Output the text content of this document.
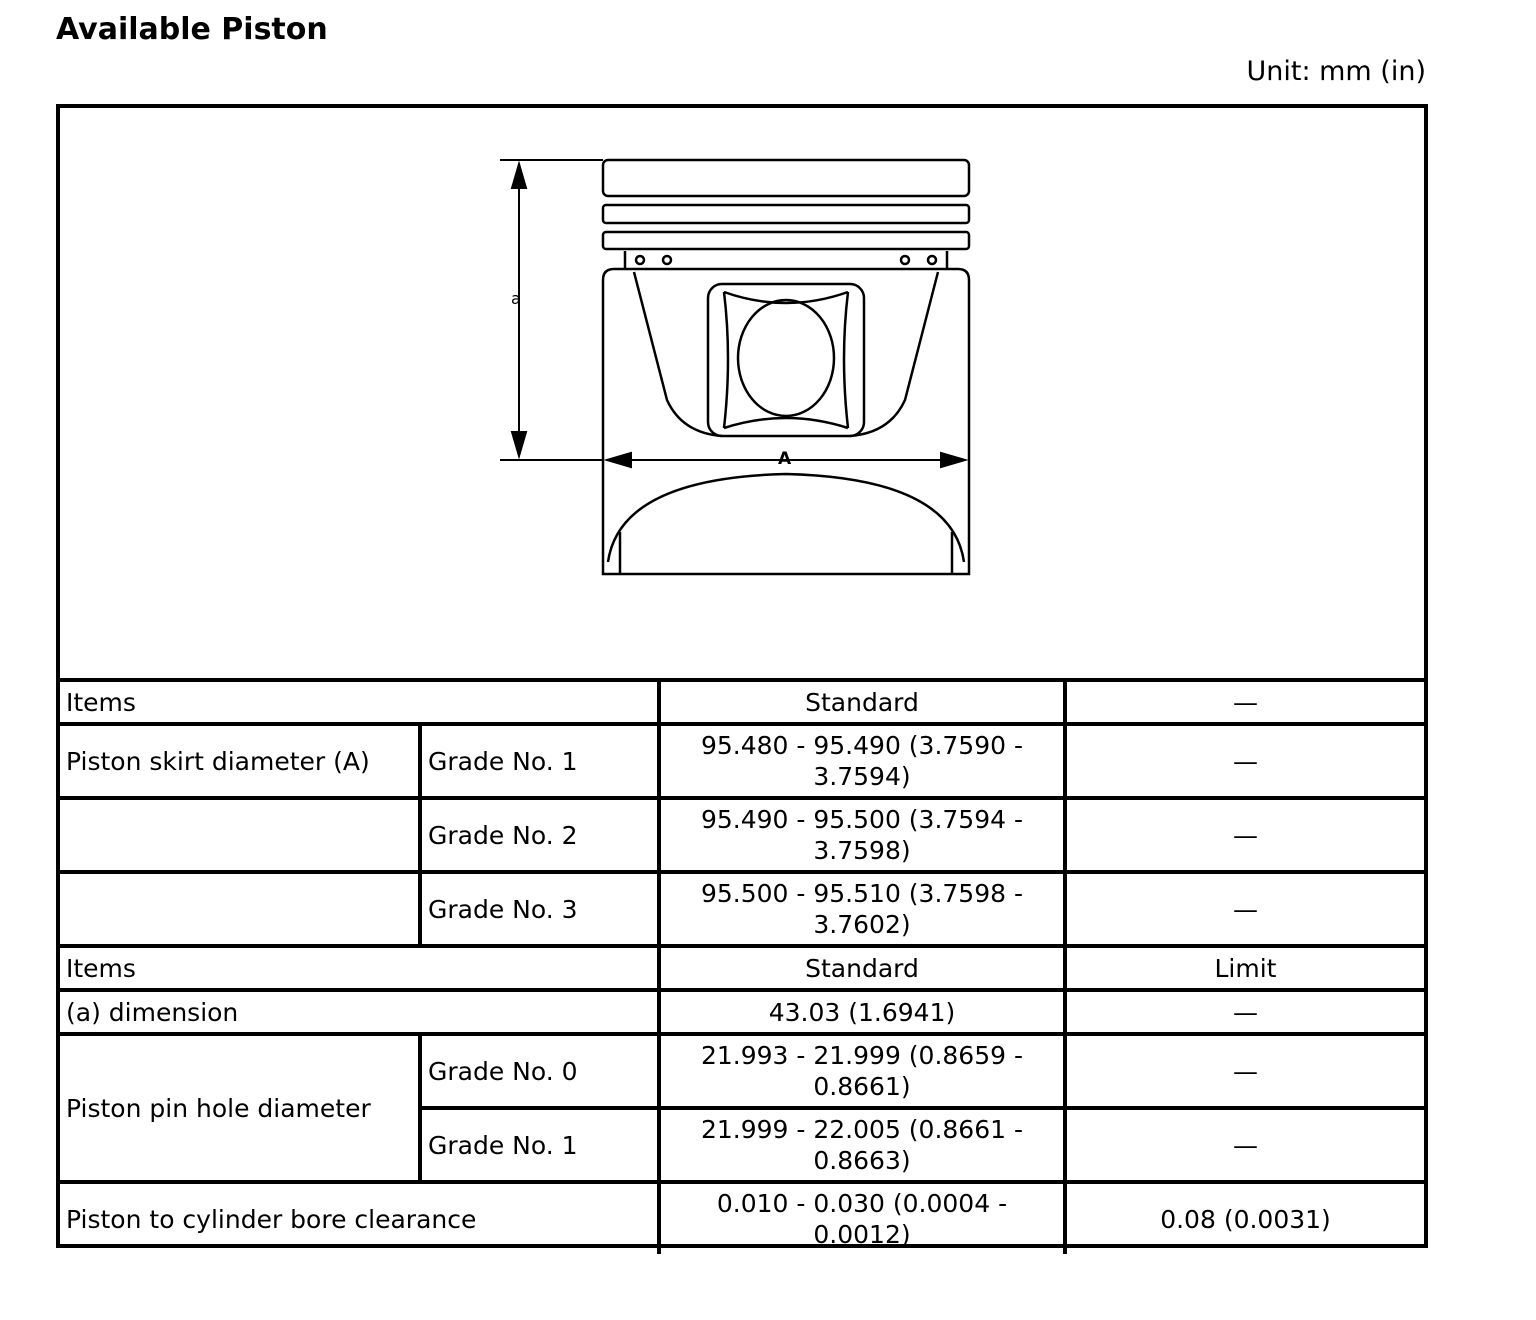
Available Piston
Unit: mm (in)
a
A
Items		Standard	—
Piston skirt diameter (A)	Grade No. 1	95.480 - 95.490 (3.7590 - 3.7594)	—
	Grade No. 2	95.490 - 95.500 (3.7594 - 3.7598)	—
	Grade No. 3	95.500 - 95.510 (3.7598 - 3.7602)	—
Items		Standard	Limit
(a) dimension		43.03 (1.6941)	—
Piston pin hole diameter	Grade No. 0	21.993 - 21.999 (0.8659 - 0.8661)	—
	Grade No. 1	21.999 - 22.005 (0.8661 - 0.8663)	—
Piston to cylinder bore clearance		0.010 - 0.030 (0.0004 - 0.0012)	0.08 (0.0031)
